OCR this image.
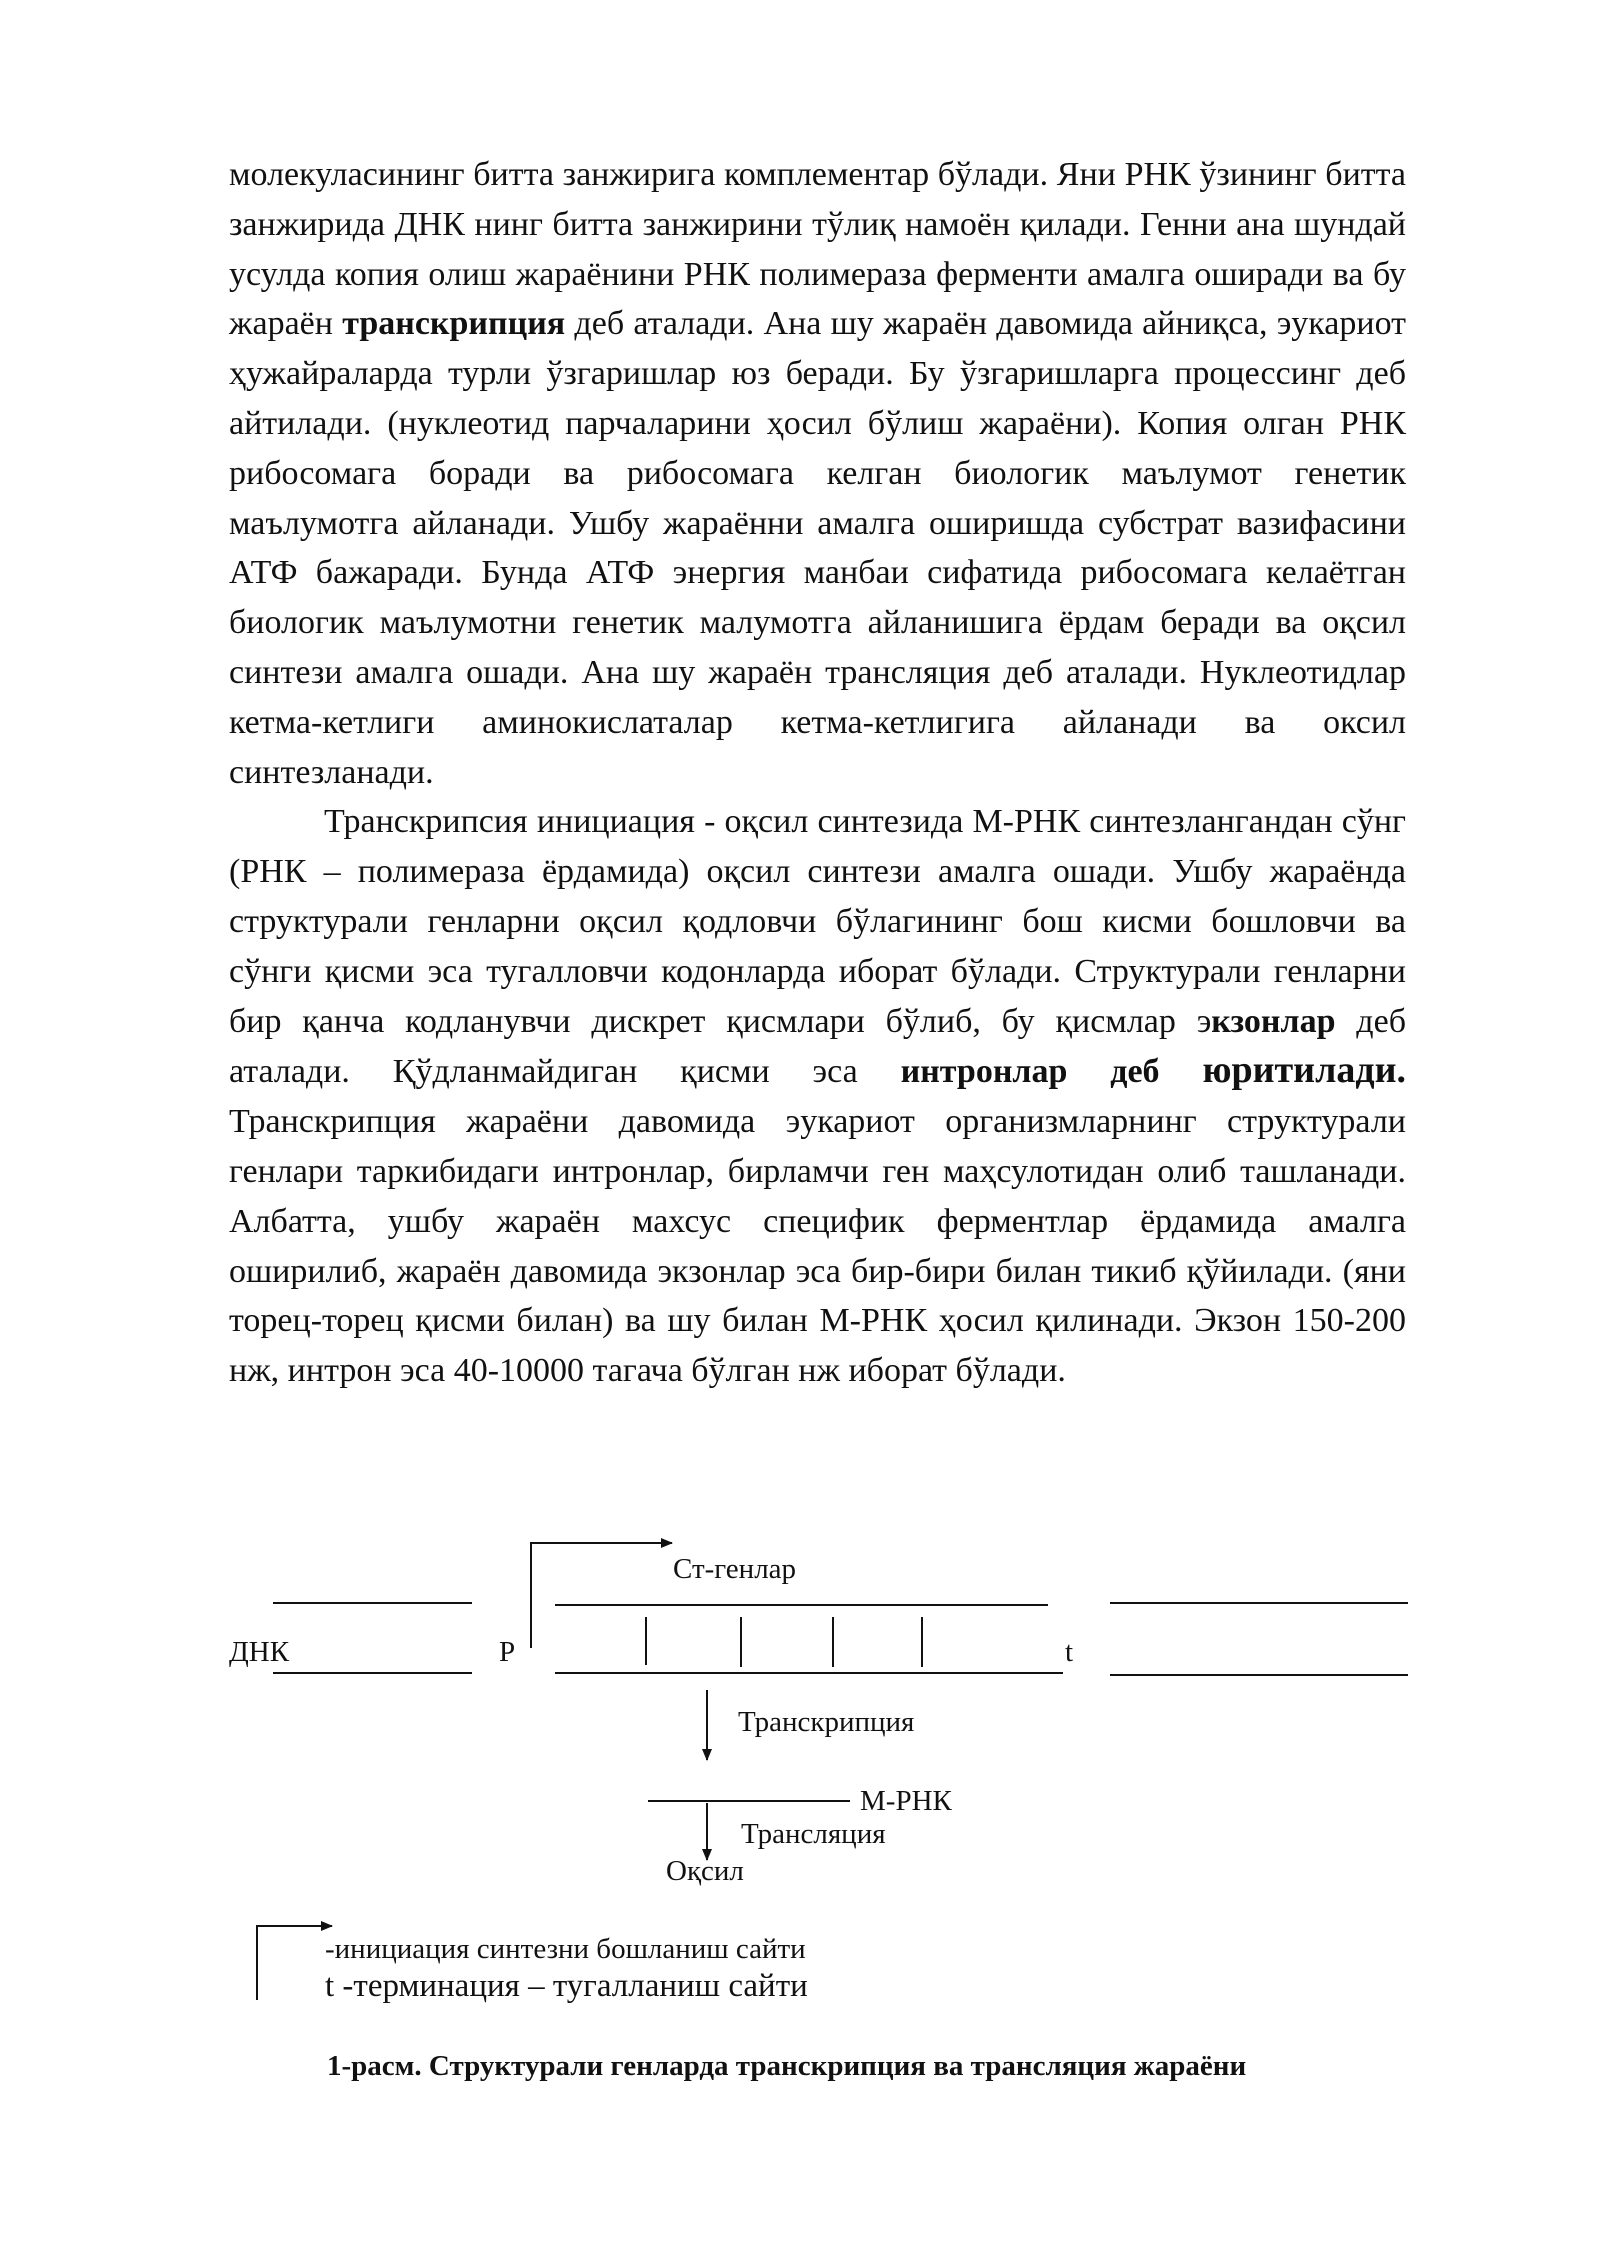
молекуласининг битта занжирига комплементар бўлади. Яни РНК ўзининг битта занжирида ДНК нинг битта занжирини тўлиқ намоён қилади. Генни ана шундай усулда копия олиш жараёнини РНК полимераза ферменти амалга оширади ва бу жараён транскрипция деб аталади. Ана шу жараён давомида айниқса, эукариот ҳужайраларда турли ўзгаришлар юз беради. Бу ўзгаришларга процессинг деб айтилади. (нуклеотид парчаларини ҳосил бўлиш жараёни). Копия олган РНК рибосомага боради ва рибосомага келган биологик маълумот генетик маълумотга айланади. Ушбу жараённи амалга оширишда субстрат вазифасини АТФ бажаради. Бунда АТФ энергия манбаи сифатида рибосомага келаётган биологик маълумотни генетик малумотга айланишига ёрдам беради ва оқсил синтези амалга ошади. Ана шу жараён трансляция деб аталади. Нуклеотидлар кетма-кетлиги аминокислаталар кетма-кетлигига айланади ва оксил синтезланади.

Транскрипсия инициация - оқсил синтезида М-РНК синтезлангандан сўнг (РНК – полимераза ёрдамида) оқсил синтези амалга ошади. Ушбу жараёнда структурали генларни оқсил қодловчи бўлагининг бош кисми бошловчи ва сўнги қисми эса тугалловчи кодонларда иборат бўлади. Структурали генларни бир қанча кодланувчи дискрет қисмлари бўлиб, бу қисмлар экзонлар деб аталади. Қўдланмайдиган қисми эса интронлар деб юритилади. Транскрипция жараёни давомида эукариот организмларнинг структурали генлари таркибидаги интронлар, бирламчи ген маҳсулотидан олиб ташланади. Албатта, ушбу жараён махсус специфик ферментлар ёрдамида амалга оширилиб, жараён давомида экзонлар эса бир-бири билан тикиб қўйилади. (яни торец-торец қисми билан) ва шу билан М-РНК ҳосил қилинади. Экзон 150-200 нж, интрон эса 40-10000 тагача бўлган нж иборат бўлади.

Ст-генлар
ДНК	P	t
Транскрипция
М-РНК
Трансляция
Оқсил
-инициация синтезни бошланиш сайти
t -терминация – тугалланиш сайти
1-расм. Структурали генларда транскрипция ва трансляция жараёни
